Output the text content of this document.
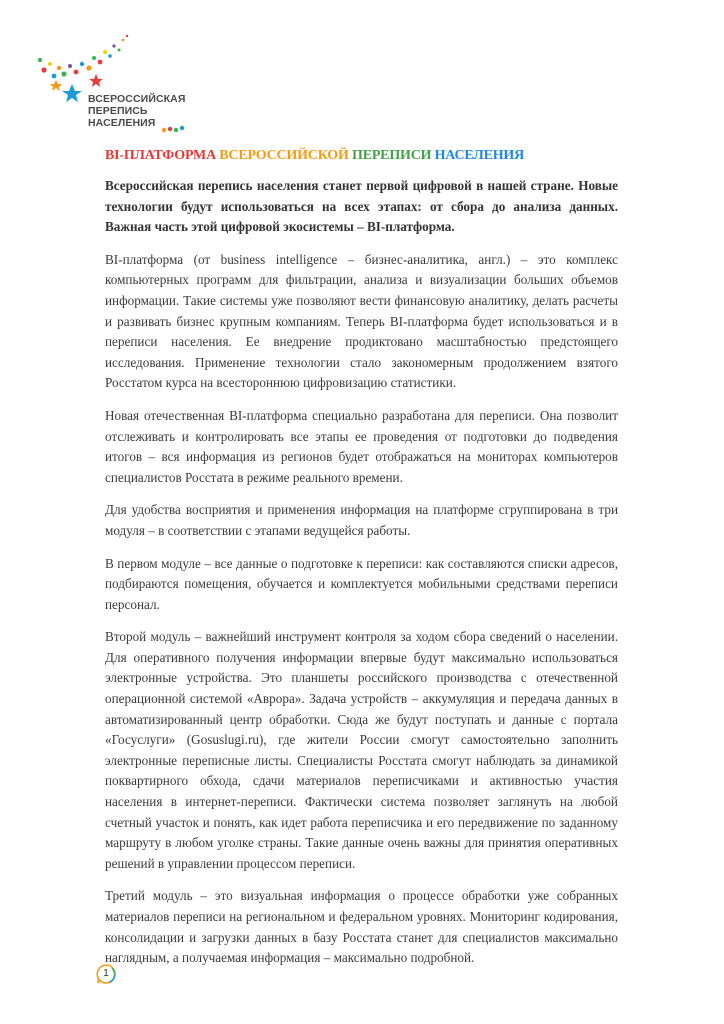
ВСЕРОССИЙСКАЯ
ПЕРЕПИСЬ
НАСЕЛЕНИЯ
BI-ПЛАТФОРМА ВСЕРОССИЙСКОЙ ПЕРЕПИСИ НАСЕЛЕНИЯ

Всероссийская перепись населения станет первой цифровой в нашей стране. Новые технологии будут использоваться на всех этапах: от сбора до анализа данных. Важная часть этой цифровой экосистемы – BI-платформа.

BI-платформа (от business intelligence – бизнес-аналитика, англ.) – это комплекс компьютерных программ для фильтрации, анализа и визуализации больших объемов информации. Такие системы уже позволяют вести финансовую аналитику, делать расчеты и развивать бизнес крупным компаниям. Теперь BI-платформа будет использоваться и в переписи населения. Ее внедрение продиктовано масштабностью предстоящего исследования. Применение технологии стало закономерным продолжением взятого Росстатом курса на всестороннюю цифровизацию статистики.

Новая отечественная BI-платформа специально разработана для переписи. Она позволит отслеживать и контролировать все этапы ее проведения от подготовки до подведения итогов – вся информация из регионов будет отображаться на мониторах компьютеров специалистов Росстата в режиме реального времени.

Для удобства восприятия и применения информация на платформе сгруппирована в три модуля – в соответствии с этапами ведущейся работы.

В первом модуле – все данные о подготовке к переписи: как составляются списки адресов, подбираются помещения, обучается и комплектуется мобильными средствами переписи персонал.

Второй модуль – важнейший инструмент контроля за ходом сбора сведений о населении. Для оперативного получения информации впервые будут максимально использоваться электронные устройства. Это планшеты российского производства с отечественной операционной системой «Аврора». Задача устройств – аккумуляция и передача данных в автоматизированный центр обработки. Сюда же будут поступать и данные с портала «Госуслуги» (Gosuslugi.ru), где жители России смогут самостоятельно заполнить электронные переписные листы. Специалисты Росстата смогут наблюдать за динамикой поквартирного обхода, сдачи материалов переписчиками и активностью участия населения в интернет-переписи. Фактически система позволяет заглянуть на любой счетный участок и понять, как идет работа переписчика и его передвижение по заданному маршруту в любом уголке страны. Такие данные очень важны для принятия оперативных решений в управлении процессом переписи.

Третий модуль – это визуальная информация о процессе обработки уже собранных материалов переписи на региональном и федеральном уровнях. Мониторинг кодирования, консолидации и загрузки данных в базу Росстата станет для специалистов максимально наглядным, а получаемая информация – максимально подробной.

1
